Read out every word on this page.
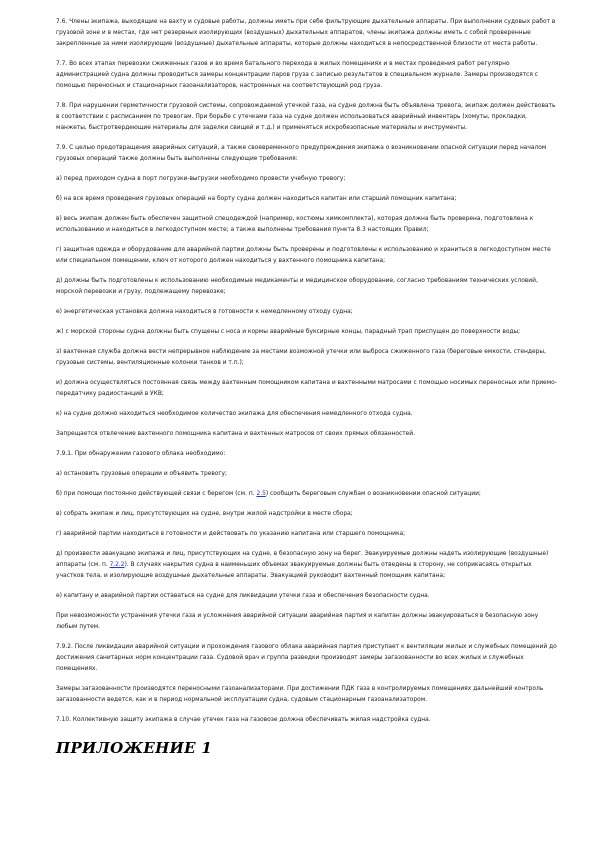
7.6. Члены экипажа, выходящие на вахту и судовые работы, должны иметь при себе фильтрующие дыхательные аппараты. При выполнении судовых работ в грузовой зоне и в местах, где нет резервных изолирующих (воздушных) дыхательных аппаратов, члены экипажа должны иметь с собой проверенные закрепленные за ними изолирующие (воздушные) дыхательные аппараты, которые должны находиться в непосредственной близости от места работы.

7.7. Во всех этапах перевозки сжиженных газов и во время батального перехода в жилых помещениях и в местах проведения работ регулярно администрацией судна должны проводиться замеры концентрации паров груза с записью результатов в специальном журнале. Замеры производятся с помощью переносных и стационарных газоанализаторов, настроенных на соответствующий род груза.

7.8. При нарушении герметичности грузовой системы, сопровождаемой утечкой газа, на судне должна быть объявлена тревога, экипаж должен действовать в соответствии с расписанием по тревогам. При борьбе с утечками газа на судне должен использоваться аварийный инвентарь (хомуты, прокладки, манжеты, быстротвердеющие материалы для заделки свищей и т.д.) и применяться искробезопасные материалы и инструменты.

7.9. С целью предотвращения аварийных ситуаций, а также своевременного предупреждения экипажа о возникновении опасной ситуации перед началом грузовых операций также должны быть выполнены следующие требования:

а) перед приходом судна в порт погрузки-выгрузки необходимо провести учебную тревогу;

б) на все время проведения грузовых операций на борту судна должен находиться капитан или старший помощник капитана;

в) весь экипаж должен быть обеспечен защитной спецодеждой (например, костюмы химкомплекта), которая должна быть проверена, подготовлена к использованию и находиться в легкодоступном месте; а также выполнены требования пункта 8.3 настоящих Правил;

г) защитная одежда и оборудование для аварийной партии должны быть проверены и подготовлены к использованию и храниться в легкодоступном месте или специальном помещении, ключ от которого должен находиться у вахтенного помощника капитана;

д) должны быть подготовлены к использованию необходимые медикаменты и медицинское оборудование, согласно требованиям технических условий, морской перевозки и грузу, подлежащему перевозке;

е) энергетическая установка должна находиться в готовности к немедленному отходу судна;

ж) с морской стороны судна должны быть спущены с носа и кормы аварийные буксирные концы, парадный трап приспущен до поверхности воды;

з) вахтенная служба должна вести непрерывное наблюдение за местами возможной утечки или выброса сжиженного газа (береговые емкости, стендеры, грузовые системы, вентиляционные колонки танков и т.п.);

и) должна осуществляться постоянная связь между вахтенным помощником капитана и вахтенными матросами с помощью носимых переносных или приемо-передатчику радиостанций в УКВ;

к) на судне должно находиться необходимое количество экипажа для обеспечения немедленного отхода судна.

Запрещается отвлечение вахтенного помощника капитана и вахтенных матросов от своих прямых обязанностей.

7.9.1. При обнаружении газового облака необходимо:

а) остановить грузовые операции и объявить тревогу;

б) при помощи постоянно действующей связи с берегом (см. п. 2.5) сообщить береговым службам о возникновении опасной ситуации;

в) собрать экипаж и лиц, присутствующих на судне, внутри жилой надстройки в месте сбора;

г) аварийной партии находиться в готовности и действовать по указанию капитана или старшего помощника;

д) произвести эвакуацию экипажа и лиц, присутствующих на судне, в безопасную зону на берег. Эвакуируемые должны надеть изолирующие (воздушные) аппараты (см. п. 7.2.2). В случаях накрытия судна в наименьших объемах эвакуируемые должны быть отведены в сторону, не соприкасаясь открытых участков тела, и изолирующие воздушные дыхательные аппараты. Эвакуацией руководит вахтенный помощник капитана;

е) капитану и аварийной партии оставаться на судне для ликвидации утечки газа и обеспечения безопасности судна.

При невозможности устранения утечки газа и усложнения аварийной ситуации аварийная партия и капитан должны эвакуироваться в безопасную зону любым путем.

7.9.2. После ликвидации аварийной ситуации и прохождения газового облака аварийная партия приступает к вентиляции жилых и служебных помещений до достижения санитарных норм концентрации газа. Судовой врач и группа разведки производят замеры загазованности во всех жилых и служебных помещениях.

Замеры загазованности производятся переносными газоанализаторами. При достижении ПДК газа в контролируемых помещениях дальнейший контроль загазованности ведется, как и в период нормальной эксплуатации судна, судовым стационарным газоанализатором.

7.10. Коллективную защиту экипажа в случае утечек газа на газовозе должна обеспечивать жилая надстройка судна.

ПРИЛОЖЕНИЕ 1
